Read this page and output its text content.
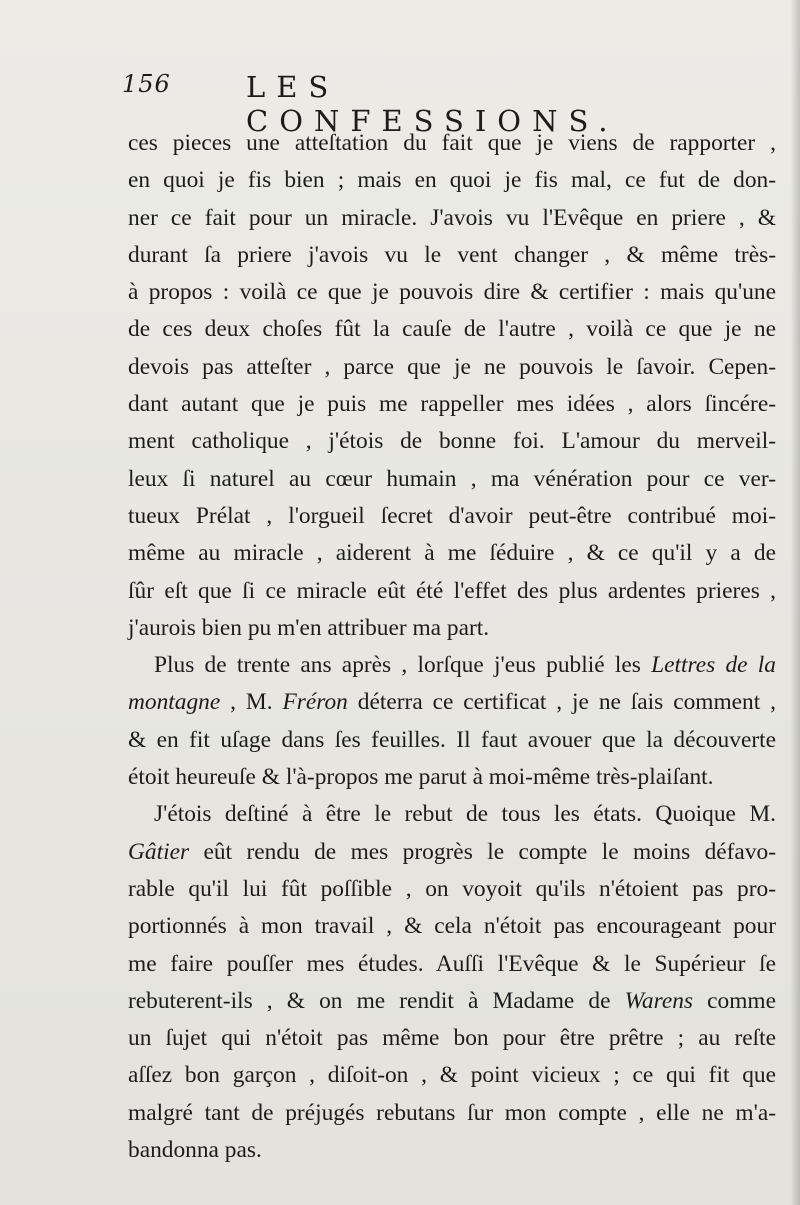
156	LES CONFESSIONS.
ces pieces une atteſtation du fait que je viens de rapporter ,
en quoi je fis bien ; mais en quoi je fis mal, ce fut de don-
ner ce fait pour un miracle. J'avois vu l'Evêque en priere , &
durant ſa priere j'avois vu le vent changer , & même très-
à propos : voilà ce que je pouvois dire & certifier : mais qu'une
de ces deux choſes fût la cauſe de l'autre , voilà ce que je ne
devois pas atteſter , parce que je ne pouvois le ſavoir. Cepen-
dant autant que je puis me rappeller mes idées , alors ſincére-
ment catholique , j'étois de bonne foi. L'amour du merveil-
leux ſi naturel au cœur humain , ma vénération pour ce ver-
tueux Prélat , l'orgueil ſecret d'avoir peut-être contribué moi-
même au miracle , aiderent à me ſéduire , & ce qu'il y a de
ſûr eſt que ſi ce miracle eût été l'effet des plus ardentes prieres ,
j'aurois bien pu m'en attribuer ma part.
Plus de trente ans après , lorſque j'eus publié les Lettres de la
montagne , M. Fréron déterra ce certificat , je ne ſais comment ,
& en fit uſage dans ſes feuilles. Il faut avouer que la découverte
étoit heureuſe & l'à-propos me parut à moi-même très-plaiſant.
J'étois deſtiné à être le rebut de tous les états. Quoique M.
Gâtier eût rendu de mes progrès le compte le moins défavo-
rable qu'il lui fût poſſible , on voyoit qu'ils n'étoient pas pro-
portionnés à mon travail , & cela n'étoit pas encourageant pour
me faire pouſſer mes études. Auſſi l'Evêque & le Supérieur ſe
rebuterent-ils , & on me rendit à Madame de Warens comme
un ſujet qui n'étoit pas même bon pour être prêtre ; au reſte
aſſez bon garçon , diſoit-on , & point vicieux ; ce qui fit que
malgré tant de préjugés rebutans ſur mon compte , elle ne m'a-
bandonna pas.
